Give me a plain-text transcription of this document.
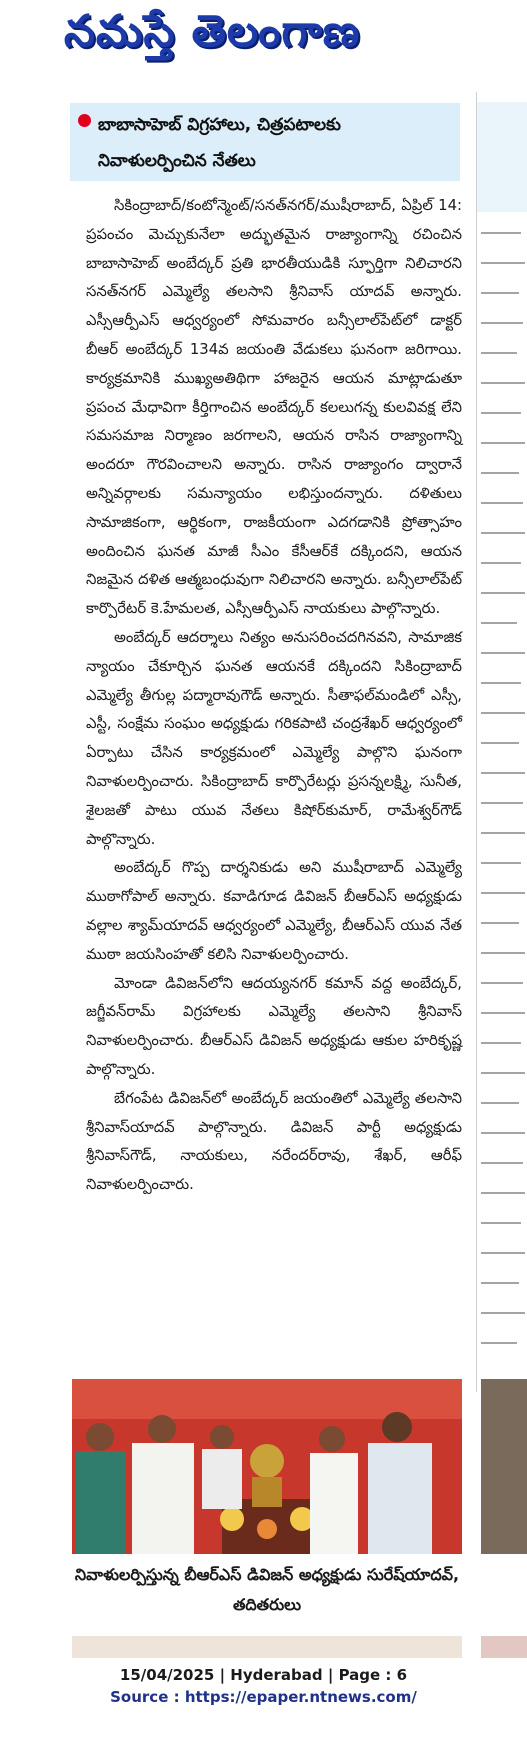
నమస్తే తెలంగాణ
బాబాసాహెబ్ విగ్రహాలు, చిత్రపటాలకు నివాళులర్పించిన నేతలు

సికింద్రాబాద్/కంటోన్మెంట్/సనత్‌నగర్/ముషీరాబాద్, ఏప్రిల్ 14: ప్రపంచం మెచ్చుకునేలా అద్భుతమైన రాజ్యాంగాన్ని రచించిన బాబాసాహెబ్ అంబేద్కర్ ప్రతి భారతీయుడికి స్ఫూర్తిగా నిలిచారని సనత్‌నగర్ ఎమ్మెల్యే తలసాని శ్రీనివాస్ యాదవ్ అన్నారు. ఎస్సీఆర్పీఎస్ ఆధ్వర్యంలో సోమవారం బన్సీలాల్‌పేట్‌లో డాక్టర్ బీఆర్ అంబేద్కర్ 134వ జయంతి వేడుకలు ఘనంగా జరిగాయి. కార్యక్రమానికి ముఖ్యఅతిథిగా హాజరైన ఆయన మాట్లాడుతూ ప్రపంచ మేధావిగా కీర్తిగాంచిన అంబేద్కర్ కలలుగన్న కులవివక్ష లేని సమసమాజ నిర్మాణం జరగాలని, ఆయన రాసిన రాజ్యాంగాన్ని అందరూ గౌరవించాలని అన్నారు. రాసిన రాజ్యాంగం ద్వారానే అన్నివర్గాలకు సమన్యాయం లభిస్తుందన్నారు. దళితులు సామాజికంగా, ఆర్థికంగా, రాజకీయంగా ఎదగడానికి ప్రోత్సాహం అందించిన ఘనత మాజీ సీఎం కేసీఆర్‌కే దక్కిందని, ఆయన నిజమైన దళిత ఆత్మబంధువుగా నిలిచారని అన్నారు. బన్సీలాల్‌పేట్ కార్పొరేటర్ కె.హేమలత, ఎస్సీఆర్పీఎస్ నాయకులు పాల్గొన్నారు.

అంబేద్కర్ ఆదర్శాలు నిత్యం అనుసరించదగినవని, సామాజిక న్యాయం చేకూర్చిన ఘనత ఆయనకే దక్కిందని సికింద్రాబాద్ ఎమ్మెల్యే తీగుల్ల పద్మారావుగౌడ్ అన్నారు. సీతాఫల్‌మండిలో ఎస్సీ, ఎస్టీ, సంక్షేమ సంఘం అధ్యక్షుడు గరికపాటి చంద్రశేఖర్ ఆధ్వర్యంలో ఏర్పాటు చేసిన కార్యక్రమంలో ఎమ్మెల్యే పాల్గొని ఘనంగా నివాళులర్పించారు. సికింద్రాబాద్ కార్పొరేటర్లు ప్రసన్నలక్ష్మి, సునీత, శైలజతో పాటు యువ నేతలు కిషోర్‌కుమార్, రామేశ్వర్‌గౌడ్ పాల్గొన్నారు.

అంబేద్కర్ గొప్ప దార్శనికుడు అని ముషీరాబాద్ ఎమ్మెల్యే ముఠాగోపాల్ అన్నారు. కవాడిగూడ డివిజన్ బీఆర్ఎస్ అధ్యక్షుడు వల్లాల శ్యామ్‌యాదవ్ ఆధ్వర్యంలో ఎమ్మెల్యే, బీఆర్ఎస్ యువ నేత ముఠా జయసింహతో కలిసి నివాళులర్పించారు.

మోండా డివిజన్‌లోని ఆదయ్యనగర్ కమాన్ వద్ద అంబేద్కర్, జగ్జీవన్‌రామ్ విగ్రహాలకు ఎమ్మెల్యే తలసాని శ్రీనివాస్ నివాళులర్పించారు. బీఆర్ఎస్ డివిజన్ అధ్యక్షుడు ఆకుల హరికృష్ణ పాల్గొన్నారు.

బేగంపేట డివిజన్‌లో అంబేద్కర్ జయంతిలో ఎమ్మెల్యే తలసాని శ్రీనివాస్‌యాదవ్ పాల్గొన్నారు. డివిజన్ పార్టీ అధ్యక్షుడు శ్రీనివాస్‌గౌడ్, నాయకులు, నరేందర్‌రావు, శేఖర్, ఆరీఫ్ నివాళులర్పించారు.

నివాళులర్పిస్తున్న బీఆర్ఎస్ డివిజన్ అధ్యక్షుడు సురేష్‌యాదవ్, తదితరులు
15/04/2025 | Hyderabad | Page : 6
Source : https://epaper.ntnews.com/
